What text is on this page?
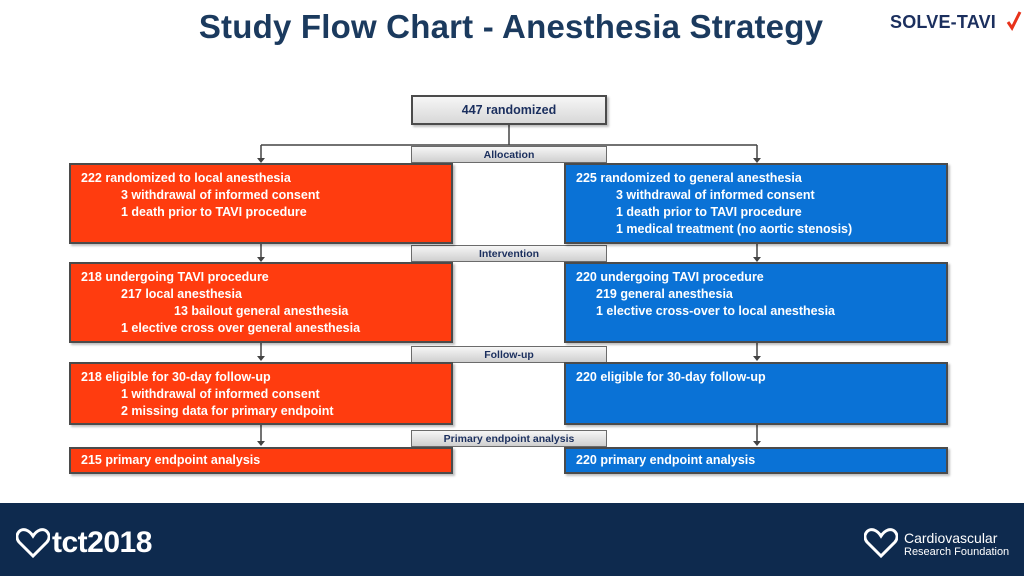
Study Flow Chart - Anesthesia Strategy	SOLVE-TAVI
447 randomized
Allocation
Intervention
Follow-up
Primary endpoint analysis
222 randomized to local anesthesia
3 withdrawal of informed consent
1 death prior to TAVI procedure
218 undergoing TAVI procedure
217 local anesthesia
13 bailout general anesthesia
1 elective cross over general anesthesia
218 eligible for 30-day follow-up
1 withdrawal of informed consent
2 missing data for primary endpoint
215 primary endpoint analysis
225 randomized to general anesthesia
3 withdrawal of informed consent
1 death prior to TAVI procedure
1 medical treatment (no aortic stenosis)
220 undergoing TAVI procedure
219 general anesthesia
1 elective cross-over to local anesthesia
220 eligible for 30-day follow-up
220 primary endpoint analysis
tct2018	Cardiovascular
Research Foundation
